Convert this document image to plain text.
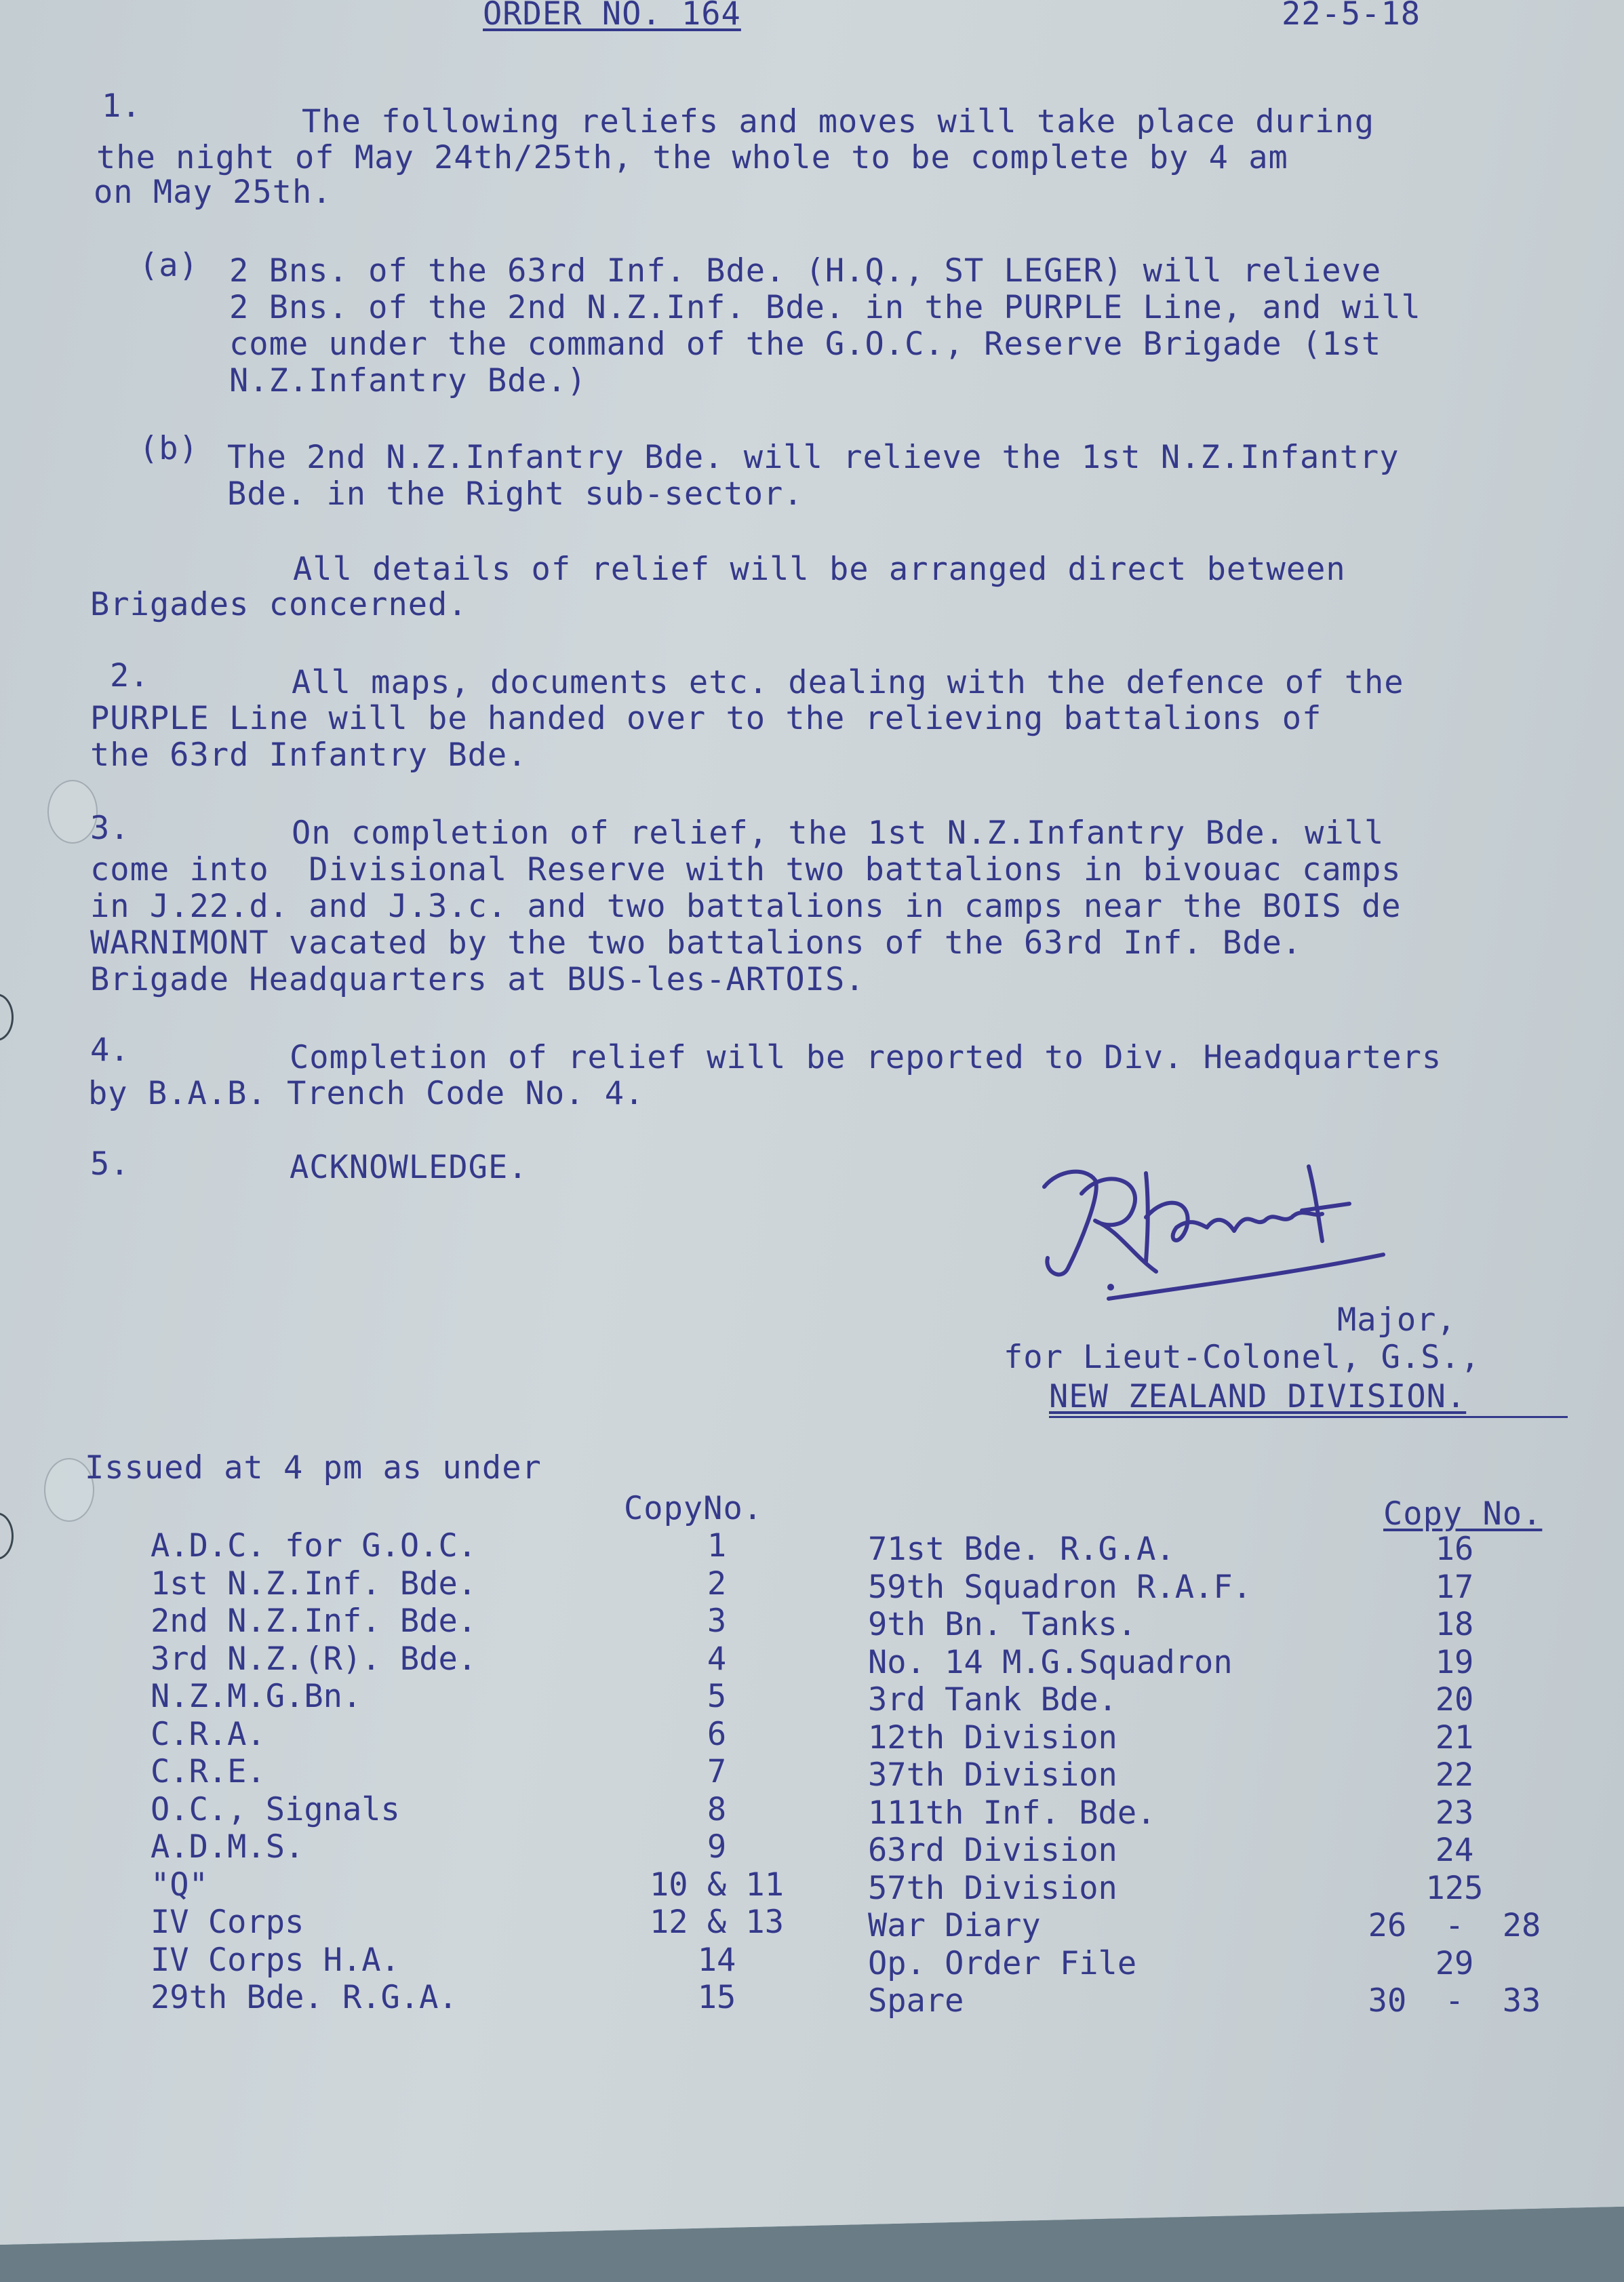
ORDER NO. 164	22-5-18
1.	The following reliefs and moves will take place during
the night of May 24th/25th, the whole to be complete by 4 am
on May 25th.
(a) 2 Bns. of the 63rd Inf. Bde. (H.Q., ST LEGER) will relieve
2 Bns. of the 2nd N.Z.Inf. Bde. in the PURPLE Line, and will
come under the command of the G.O.C., Reserve Brigade (1st
N.Z.Infantry Bde.)
(b) The 2nd N.Z.Infantry Bde. will relieve the 1st N.Z.Infantry
Bde. in the Right sub-sector.
All details of relief will be arranged direct between
Brigades concerned.
2.	All maps, documents etc. dealing with the defence of the
PURPLE Line will be handed over to the relieving battalions of
the 63rd Infantry Bde.
3.	On completion of relief, the 1st N.Z.Infantry Bde. will
come into  Divisional Reserve with two battalions in bivouac camps
in J.22.d. and J.3.c. and two battalions in camps near the BOIS de
WARNIMONT vacated by the two battalions of the 63rd Inf. Bde.
Brigade Headquarters at BUS-les-ARTOIS.
4.	Completion of relief will be reported to Div. Headquarters
by B.A.B. Trench Code No. 4.
5.	ACKNOWLEDGE.
Major,
for Lieut-Colonel, G.S.,
NEW ZEALAND DIVISION.
Issued at 4 pm as under
CopyNo.	Copy No.
A.D.C. for G.O.C.	1
1st N.Z.Inf. Bde.	2
2nd N.Z.Inf. Bde.	3
3rd N.Z.(R). Bde.	4
N.Z.M.G.Bn.	5
C.R.A.	6
C.R.E.	7
O.C., Signals	8
A.D.M.S.	9
"Q"	10 & 11
IV Corps	12 & 13
IV Corps H.A.	14
29th Bde. R.G.A.	15
71st Bde. R.G.A.	16
59th Squadron R.A.F.	17
9th Bn. Tanks.	18
No. 14 M.G.Squadron	19
3rd Tank Bde.	20
12th Division	21
37th Division	22
111th Inf. Bde.	23
63rd Division	24
57th Division	125
War Diary	26  -  28
Op. Order File	29
Spare	30  -  33
